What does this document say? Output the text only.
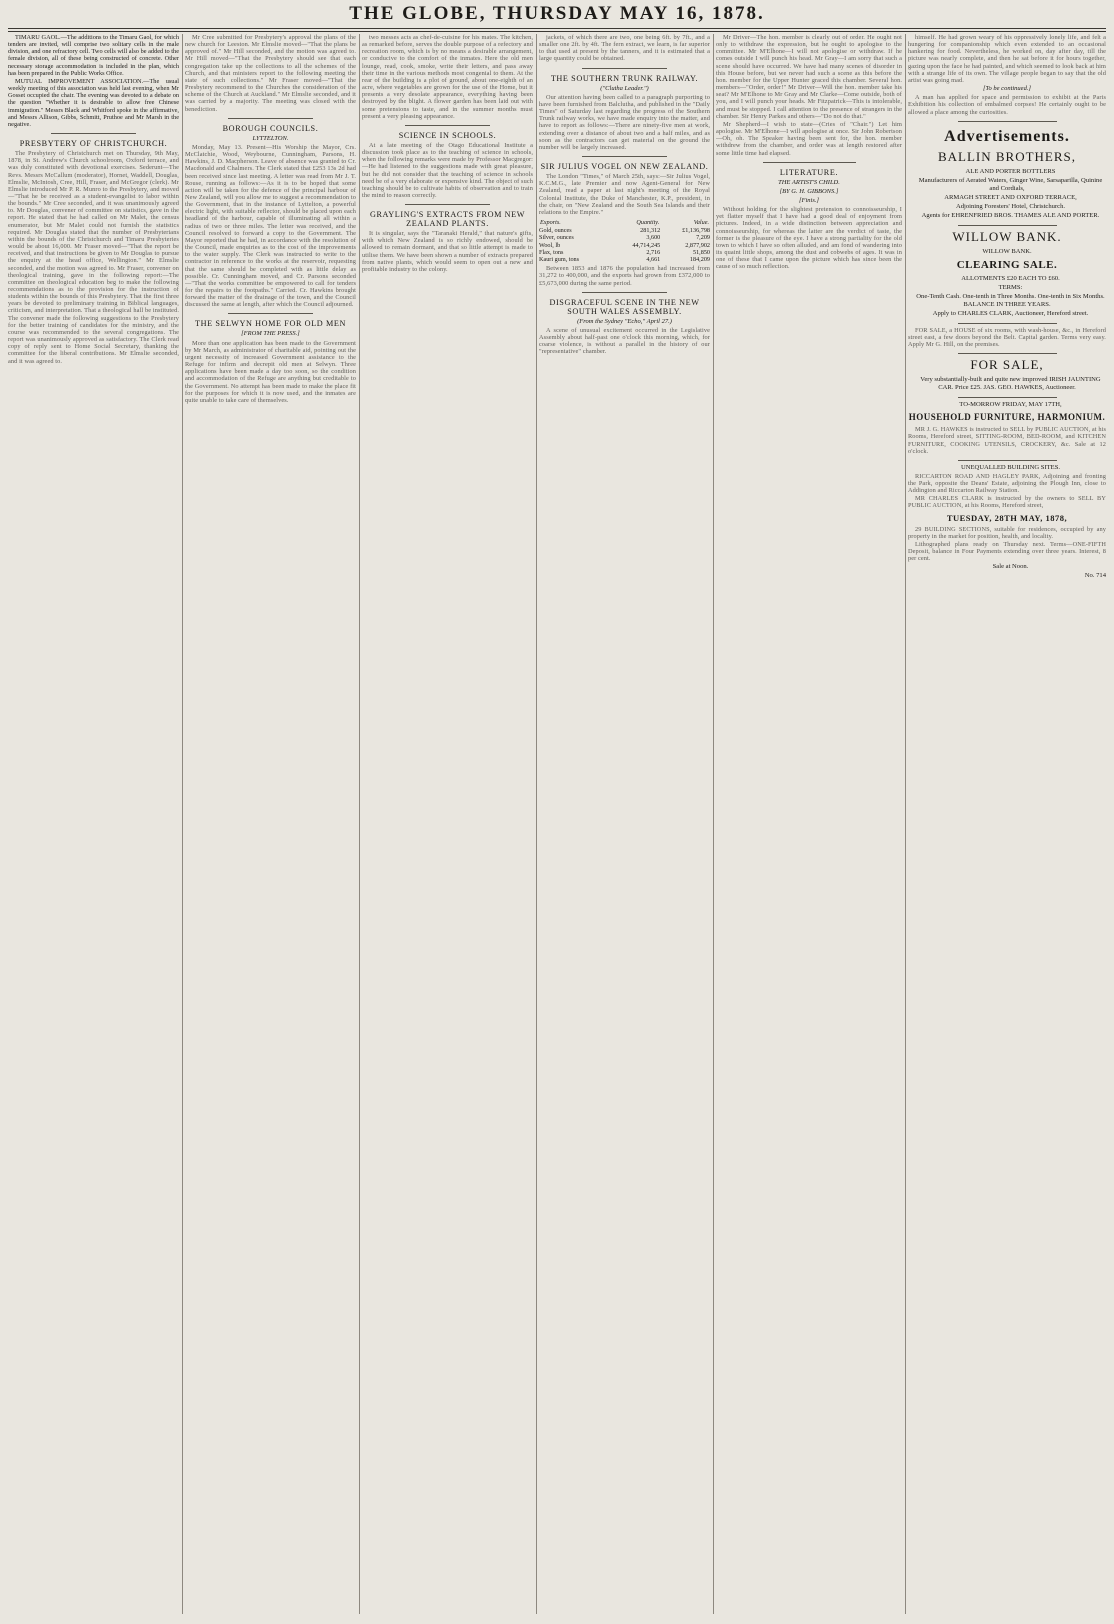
THE GLOBE, THURSDAY MAY 16, 1878.

TIMARU GAOL.—The additions to the Timaru Gaol, for which tenders are invited, will comprise two solitary cells in the male division, and one refractory cell. Two cells will also be added to the female division, all of these being constructed of concrete. Other necessary storage accommodation is included in the plan, which has been prepared in the Public Works Office.

MUTUAL IMPROVEMENT ASSOCIATION.—The usual weekly meeting of this association was held last evening, when Mr Gosset occupied the chair. The evening was devoted to a debate on the question "Whether it is desirable to allow free Chinese immigration." Messrs Black and Whitford spoke in the affirmative, and Messrs Allison, Gibbs, Schmitt, Pruthoe and Mr Marsh in the negative.

PRESBYTERY OF CHRISTCHURCH.

The Presbytery of Christchurch met on Thursday, 9th May, 1878, in St. Andrew's Church schoolroom, Oxford terrace, and was duly constituted with devotional exercises. Sederunt—The Revs. Messrs McCallum (moderator), Hornet, Waddell, Douglas, Elmslie, McIntosh, Cree, Hill, Fraser, and McGregor (clerk). Mr Elmslie introduced Mr P. R. Munro to the Presbytery, and moved—"That he be received as a student-evangelist to labor within the bounds." Mr Cree seconded, and it was unanimously agreed to. Mr Douglas, convener of committee on statistics, gave in the report. He stated that he had called on Mr Malet, the census enumerator, but Mr Malet could not furnish the statistics required. Mr Douglas stated that the number of Presbyterians within the bounds of the Christchurch and Timaru Presbyteries would be about 16,000. Mr Fraser moved—"That the report be received, and that instructions be given to Mr Douglas to pursue the enquiry at the head office, Wellington." Mr Elmslie seconded, and the motion was agreed to. Mr Fraser, convener on theological training, gave in the following report:—The committee on theological education beg to make the following recommendations as to the provision for the instruction of students within the bounds of this Presbytery. That the first three years be devoted to preliminary training in Biblical languages, criticism, and interpretation. That a theological hall be instituted. The convener made the following suggestions to the Presbytery for the better training of candidates for the ministry, and the course was recommended to the several congregations. The report was unanimously approved as satisfactory. The Clerk read copy of reply sent to Home Social Secretary, thanking the committee for the liberal contributions. Mr Elmslie seconded, and it was agreed to.

Mr Cree submitted for Presbytery's approval the plans of the new church for Leeston. Mr Elmslie moved—"That the plans be approved of." Mr Hill seconded, and the motion was agreed to. Mr Hill moved—"That the Presbytery should see that each congregation take up the collections to all the schemes of the Church, and that ministers report to the following meeting the state of such collections." Mr Fraser moved—"That the Presbytery recommend to the Churches the consideration of the scheme of the Church at Auckland." Mr Elmslie seconded, and it was carried by a majority. The meeting was closed with the benediction.

BOROUGH COUNCILS.
LYTTELTON.

Monday, May 13. Present—His Worship the Mayor, Crs. McClatchie, Wood, Weybourne, Cunningham, Parsons, H. Hawkins, J. D. Macpherson. Leave of absence was granted to Cr. Macdonald and Chalmers. The Clerk stated that £253 13s 2d had been received since last meeting. A letter was read from Mr J. T. Rouse, running as follows:—As it is to be hoped that some action will be taken for the defence of the principal harbour of New Zealand, will you allow me to suggest a recommendation to the Government, that in the instance of Lyttelton, a powerful electric light, with suitable reflector, should be placed upon each headland of the harbour, capable of illuminating all within a radius of two or three miles. The letter was received, and the Council resolved to forward a copy to the Government. The Mayor reported that he had, in accordance with the resolution of the Council, made enquiries as to the cost of the improvements to the water supply. The Clerk was instructed to write to the contractor in reference to the works at the reservoir, requesting that the same should be completed with as little delay as possible. Cr. Cunningham moved, and Cr. Parsons seconded—"That the works committee be empowered to call for tenders for the repairs to the footpaths." Carried. Cr. Hawkins brought forward the matter of the drainage of the town, and the Council discussed the same at length, after which the Council adjourned.

THE SELWYN HOME FOR OLD MEN
[FROM THE PRESS.]

More than one application has been made to the Government by Mr March, as administrator of charitable aid, pointing out the urgent necessity of increased Government assistance to the Refuge for infirm and decrepit old men at Selwyn. Three applications have been made a day too soon, so the condition and accommodation of the Refuge are anything but creditable to the Government. No attempt has been made to make the place fit for the purposes for which it is now used, and the inmates are quite unable to take care of themselves.

two messes acts as chef-de-cuisine for his mates. The kitchen, as remarked before, serves the double purpose of a refectory and recreation room, which is by no means a desirable arrangement, or conducive to the comfort of the inmates. Here the old men lounge, read, cook, smoke, write their letters, and pass away their time in the various methods most congenial to them. At the rear of the building is a plot of ground, about one-eighth of an acre, where vegetables are grown for the use of the Home, but it presents a very desolate appearance, everything having been destroyed by the blight. A flower garden has been laid out with some pretensions to taste, and in the summer months must present a very pleasing appearance.

SCIENCE IN SCHOOLS.

At a late meeting of the Otago Educational Institute a discussion took place as to the teaching of science in schools, when the following remarks were made by Professor Macgregor:—He had listened to the suggestions made with great pleasure, but he did not consider that the teaching of science in schools need be of a very elaborate or expensive kind. The object of such teaching should be to cultivate habits of observation and to train the mind to reason correctly.

GRAYLING'S EXTRACTS FROM NEW ZEALAND PLANTS.

It is singular, says the "Taranaki Herald," that nature's gifts, with which New Zealand is so richly endowed, should be allowed to remain dormant, and that so little attempt is made to utilise them. We have been shown a number of extracts prepared from native plants, which would seem to open out a new and profitable industry to the colony.

jackets, of which there are two, one being 6ft. by 7ft., and a smaller one 2ft. by 4ft. The fern extract, we learn, is far superior to that used at present by the tanners, and it is estimated that a large quantity could be obtained.

THE SOUTHERN TRUNK RAILWAY.
("Clutha Leader.")

Our attention having been called to a paragraph purporting to have been furnished from Balclutha, and published in the "Daily Times" of Saturday last regarding the progress of the Southern Trunk railway works, we have made enquiry into the matter, and have to report as follows:—There are ninety-five men at work, extending over a distance of about two and a half miles, and as soon as the contractors can get material on the ground the number will be largely increased.

SIR JULIUS VOGEL ON NEW ZEALAND.

The London "Times," of March 25th, says:—Sir Julius Vogel, K.C.M.G., late Premier and now Agent-General for New Zealand, read a paper at last night's meeting of the Royal Colonial Institute, the Duke of Manchester, K.P., president, in the chair, on "New Zealand and the South Sea Islands and their relations to the Empire."

Exports.	Quantity.	Value.
Gold, ounces	281,312	£1,136,798
Silver, ounces	3,600	7,209
Wool, lb	44,714,245	2,877,902
Flax, tons	2,716	51,850
Kauri gum, tons	4,661	184,209

Between 1853 and 1876 the population had increased from 31,272 to 400,000, and the exports had grown from £372,000 to £5,673,000 during the same period.

DISGRACEFUL SCENE IN THE NEW SOUTH WALES ASSEMBLY.
(From the Sydney "Echo," April 27.)

A scene of unusual excitement occurred in the Legislative Assembly about half-past one o'clock this morning, which, for coarse violence, is without a parallel in the history of our "representative" chamber.

Mr Driver—The hon. member is clearly out of order. He ought not only to withdraw the expression, but he ought to apologise to the committee. Mr M'Elhone—I will not apologise or withdraw. If he comes outside I will punch his head. Mr Gray—I am sorry that such a scene should have occurred. We have had many scenes of disorder in this House before, but we never had such a scene as this before the hon. member for the Upper Hunter graced this chamber. Several hon. members—"Order, order!" Mr Driver—Will the hon. member take his seat? Mr M'Elhone to Mr Gray and Mr Clarke—Come outside, both of you, and I will punch your heads. Mr Fitzpatrick—This is intolerable, and must be stopped. I call attention to the presence of strangers in the chamber. Sir Henry Parkes and others—"Do not do that."

Mr Shepherd—I wish to state—(Cries of "Chair.") Let him apologise. Mr M'Elhone—I will apologise at once. Sir John Robertson—Oh, oh. The Speaker having been sent for, the hon. member withdrew from the chamber, and order was at length restored after some little time had elapsed.

LITERATURE.
THE ARTIST'S CHILD.
[BY G. H. GIBBONS.]
[Finis.]

Without holding for the slightest pretension to connoisseurship, I yet flatter myself that I have had a good deal of enjoyment from pictures. Indeed, in a wide distinction between appreciation and connoisseurship, for whereas the latter are the verdict of taste, the former is the pleasure of the eye. I have a strong partiality for the old town to which I have so often alluded, and am fond of wandering into its quaint little shops, among the dust and cobwebs of ages. It was in one of these that I came upon the picture which has since been the cause of so much reflection.

himself. He had grown weary of his oppressively lonely life, and felt a hungering for companionship which even extended to an occasional hankering for food. Nevertheless, he worked on, day after day, till the picture was nearly complete, and then he sat before it for hours together, gazing upon the face he had painted, and which seemed to look back at him with a strange life of its own. The village people began to say that the old artist was going mad.

[To be continued.]

A man has applied for space and permission to exhibit at the Paris Exhibition his collection of embalmed corpses! He certainly ought to be allowed a place among the curiosities.

Advertisements.
BALLIN BROTHERS,

ALE AND PORTER BOTTLERS

Manufacturers of Aerated Waters, Ginger Wine, Sarsaparilla, Quinine and Cordials,

ARMAGH STREET AND OXFORD TERRACE,

Adjoining Foresters' Hotel, Christchurch.

Agents for EHRENFRIED BROS. THAMES ALE AND PORTER.

WILLOW BANK.
WILLOW BANK.
CLEARING SALE.

ALLOTMENTS £20 EACH TO £60.

TERMS:

One-Tenth Cash. One-tenth in Three Months. One-tenth in Six Months. BALANCE IN THREE YEARS.

Apply to CHARLES CLARK, Auctioneer, Hereford street.

FOR SALE, a HOUSE of six rooms, with wash-house, &c., in Hereford street east, a few doors beyond the Belt. Capital garden. Terms very easy. Apply Mr G. Hill, on the premises.

FOR SALE,

Very substantially-built and quite new improved IRISH JAUNTING CAR. Price £25. JAS. GEO. HAWKES, Auctioneer.

TO-MORROW FRIDAY, MAY 17TH,

HOUSEHOLD FURNITURE, HARMONIUM.

MR J. G. HAWKES is instructed to SELL by PUBLIC AUCTION, at his Rooms, Hereford street, SITTING-ROOM, BED-ROOM, and KITCHEN FURNITURE, COOKING UTENSILS, CROCKERY, &c. Sale at 12 o'clock.

UNEQUALLED BUILDING SITES.

RICCARTON ROAD AND HAGLEY PARK, Adjoining and fronting the Park, opposite the Deans' Estate, adjoining the Plough Inn, close to Addington and Riccarton Railway Station.

MR CHARLES CLARK is instructed by the owners to SELL BY PUBLIC AUCTION, at his Rooms, Hereford street,

TUESDAY, 28TH MAY, 1878,

29 BUILDING SECTIONS, suitable for residences, occupied by any property in the market for position, health, and locality.

Lithographed plans ready on Thursday next. Terms—ONE-FIFTH Deposit, balance in Four Payments extending over three years. Interest, 8 per cent.

Sale at Noon.

No. 714
